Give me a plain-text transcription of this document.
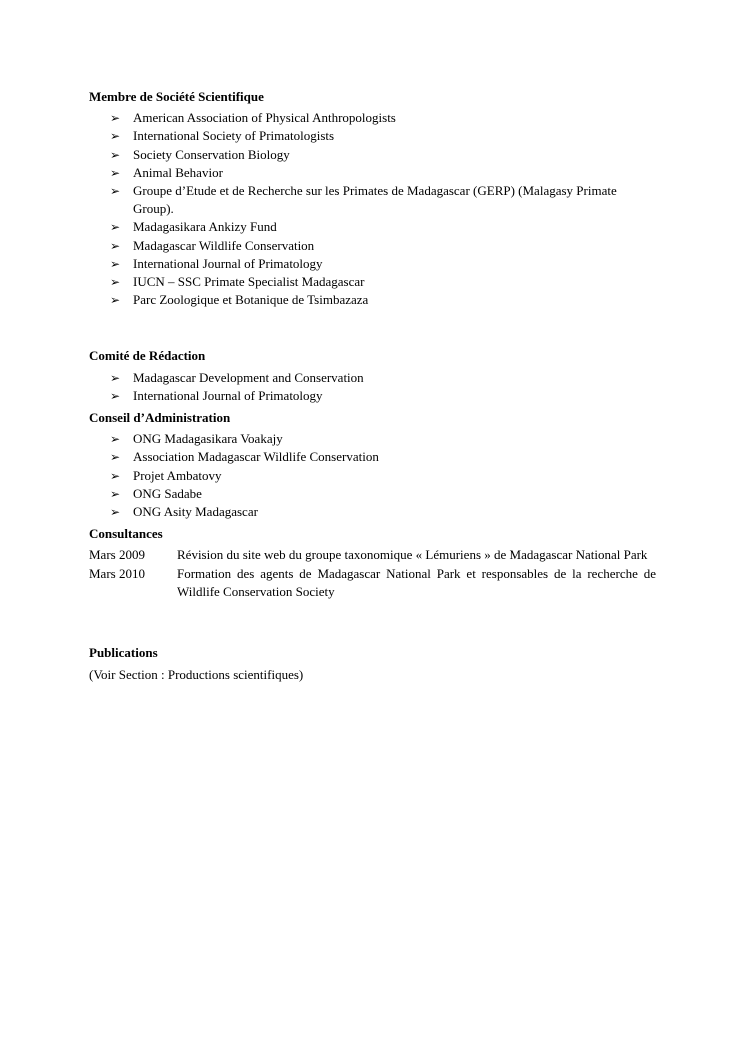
Membre de Société Scientifique

➢ American Association of Physical Anthropologists
➢ International Society of Primatologists
➢ Society Conservation Biology
➢ Animal Behavior
➢ Groupe d’Etude et de Recherche sur les Primates de Madagascar (GERP) (Malagasy Primate Group).
➢ Madagasikara Ankizy Fund
➢ Madagascar Wildlife Conservation
➢ International Journal of Primatology
➢ IUCN – SSC Primate Specialist Madagascar
➢ Parc Zoologique et Botanique de Tsimbazaza

Comité de Rédaction

➢ Madagascar Development and Conservation
➢ International Journal of Primatology

Conseil d’Administration

➢ ONG Madagasikara Voakajy
➢ Association Madagascar Wildlife Conservation
➢ Projet Ambatovy
➢ ONG Sadabe
➢ ONG Asity Madagascar

Consultances

Mars 2009	Révision du site web du groupe taxonomique « Lémuriens » de Madagascar National Park
Mars 2010	Formation des agents de Madagascar National Park et responsables de la recherche de Wildlife Conservation Society

Publications

(Voir Section : Productions scientifiques)
